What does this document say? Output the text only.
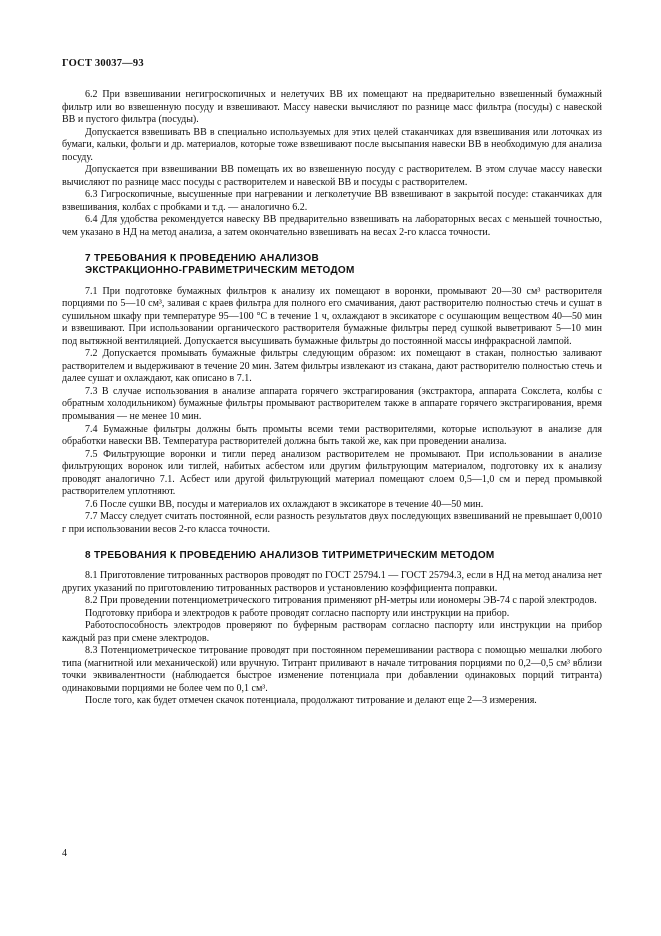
ГОСТ 30037—93

6.2 При взвешивании негигроскопичных и нелетучих ВВ их помещают на предварительно взвешенный бумажный фильтр или во взвешенную посуду и взвешивают. Массу навески вычисляют по разнице масс фильтра (посуды) с навеской ВВ и пустого фильтра (посуды).

Допускается взвешивать ВВ в специально используемых для этих целей стаканчиках для взвешивания или лоточках из бумаги, кальки, фольги и др. материалов, которые тоже взвешивают после высыпания навески ВВ в необходимую для анализа посуду.

Допускается при взвешивании ВВ помещать их во взвешенную посуду с растворителем. В этом случае массу навески вычисляют по разнице масс посуды с растворителем и навеской ВВ и посуды с растворителем.

6.3 Гигроскопичные, высушенные при нагревании и легколетучие ВВ взвешивают в закрытой посуде: стаканчиках для взвешивания, колбах с пробками и т.д. — аналогично 6.2.

6.4 Для удобства рекомендуется навеску ВВ предварительно взвешивать на лабораторных весах с меньшей точностью, чем указано в НД на метод анализа, а затем окончательно взвешивать на весах 2-го класса точности.

7 ТРЕБОВАНИЯ К ПРОВЕДЕНИЮ АНАЛИЗОВ
ЭКСТРАКЦИОННО-ГРАВИМЕТРИЧЕСКИМ МЕТОДОМ

7.1 При подготовке бумажных фильтров к анализу их помещают в воронки, промывают 20—30 см³ растворителя порциями по 5—10 см³, заливая с краев фильтра для полного его смачивания, дают растворителю полностью стечь и сушат в сушильном шкафу при температуре 95—100 °С в течение 1 ч, охлаждают в эксикаторе с осушающим веществом 40—50 мин и взвешивают. При использовании органического растворителя бумажные фильтры перед сушкой выветривают 5—10 мин под вытяжной вентиляцией. Допускается высушивать бумажные фильтры до постоянной массы инфракрасной лампой.

7.2 Допускается промывать бумажные фильтры следующим образом: их помещают в стакан, полностью заливают растворителем и выдерживают в течение 20 мин. Затем фильтры извлекают из стакана, дают растворителю полностью стечь и далее сушат и охлаждают, как описано в 7.1.

7.3 В случае использования в анализе аппарата горячего экстрагирования (экстрактора, аппарата Сокслета, колбы с обратным холодильником) бумажные фильтры промывают растворителем также в аппарате горячего экстрагирования, время промывания — не менее 10 мин.

7.4 Бумажные фильтры должны быть промыты всеми теми растворителями, которые используют в анализе для обработки навески ВВ. Температура растворителей должна быть такой же, как при проведении анализа.

7.5 Фильтрующие воронки и тигли перед анализом растворителем не промывают. При использовании в анализе фильтрующих воронок или тиглей, набитых асбестом или другим фильтрующим материалом, подготовку их к анализу проводят аналогично 7.1. Асбест или другой фильтрующий материал помещают слоем 0,5—1,0 см и перед промывкой растворителем уплотняют.

7.6 После сушки ВВ, посуды и материалов их охлаждают в эксикаторе в течение 40—50 мин.

7.7 Массу следует считать постоянной, если разность результатов двух последующих взвешиваний не превышает 0,0010 г при использовании весов 2-го класса точности.

8 ТРЕБОВАНИЯ К ПРОВЕДЕНИЮ АНАЛИЗОВ ТИТРИМЕТРИЧЕСКИМ МЕТОДОМ

8.1 Приготовление титрованных растворов проводят по ГОСТ 25794.1 — ГОСТ 25794.3, если в НД на метод анализа нет других указаний по приготовлению титрованных растворов и установлению коэффициента поправки.

8.2 При проведении потенциометрического титрования применяют рН-метры или иономеры ЭВ-74 с парой электродов.

Подготовку прибора и электродов к работе проводят согласно паспорту или инструкции на прибор.

Работоспособность электродов проверяют по буферным растворам согласно паспорту или инструкции на прибор каждый раз при смене электродов.

8.3 Потенциометрическое титрование проводят при постоянном перемешивании раствора с помощью мешалки любого типа (магнитной или механической) или вручную. Титрант приливают в начале титрования порциями по 0,2—0,5 см³ вблизи точки эквивалентности (наблюдается быстрое изменение потенциала при добавлении одинаковых порций титранта) одинаковыми порциями не более чем по 0,1 см³.

После того, как будет отмечен скачок потенциала, продолжают титрование и делают еще 2—3 измерения.

4
